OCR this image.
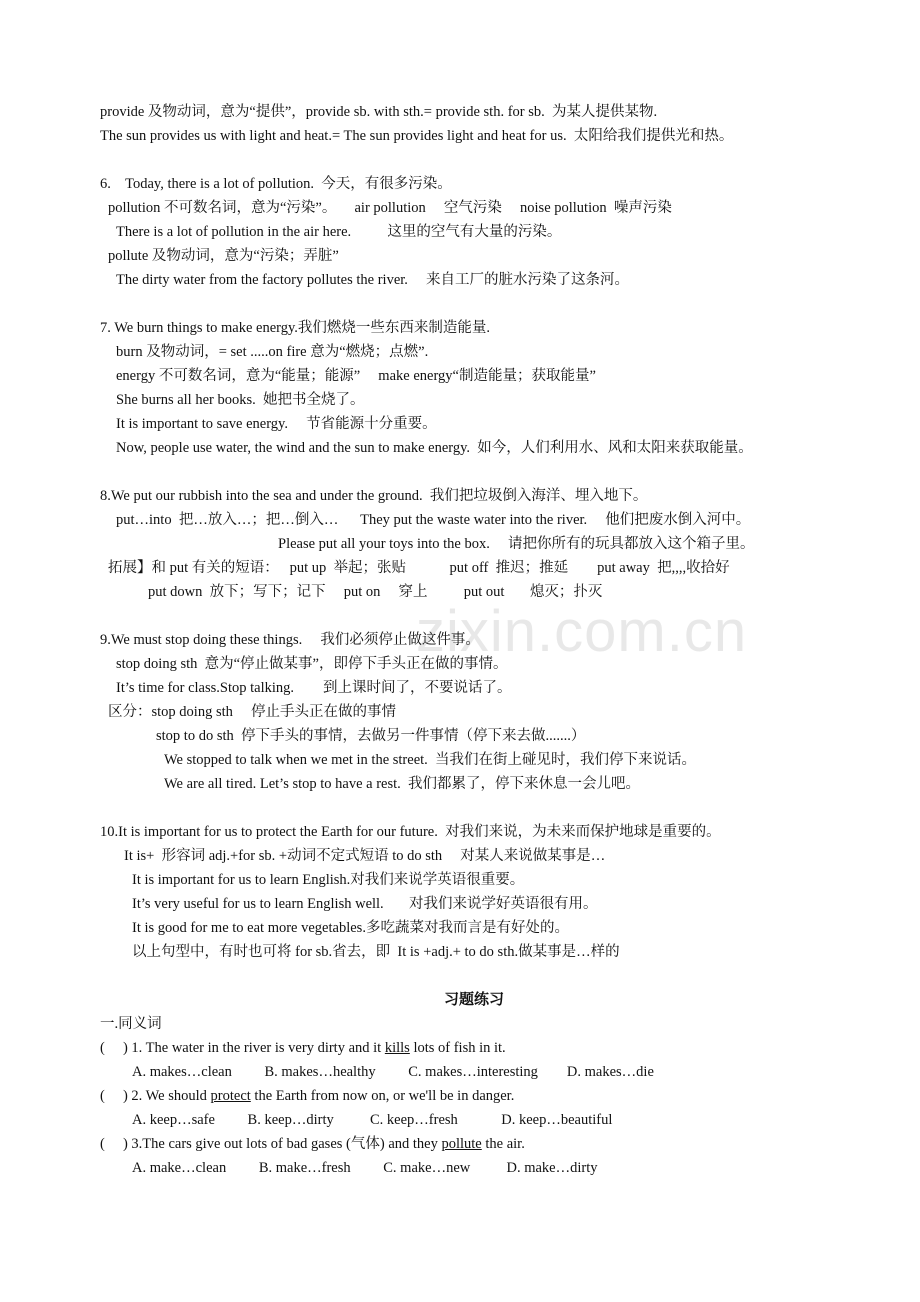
zixin.com.cn
provide 及物动词，意为“提供”，provide sb. with sth.= provide sth. for sb.  为某人提供某物.
The sun provides us with light and heat.= The sun provides light and heat for us.  太阳给我们提供光和热。
6.    Today, there is a lot of pollution.  今天，有很多污染。
pollution 不可数名词，意为“污染”。     air pollution     空气污染     noise pollution  噪声污染
There is a lot of pollution in the air here.          这里的空气有大量的污染。
pollute 及物动词，意为“污染；弄脏”
The dirty water from the factory pollutes the river.     来自工厂的脏水污染了这条河。
7. We burn things to make energy.我们燃烧一些东西来制造能量.
burn 及物动词，= set .....on fire 意为“燃烧；点燃”.
energy 不可数名词，意为“能量；能源”     make energy“制造能量；获取能量”
She burns all her books.  她把书全烧了。
It is important to save energy.     节省能源十分重要。
Now, people use water, the wind and the sun to make energy.  如今，人们利用水、风和太阳来获取能量。
8.We put our rubbish into the sea and under the ground.  我们把垃圾倒入海洋、埋入地下。
put…into  把…放入…；把…倒入…      They put the waste water into the river.     他们把废水倒入河中。
Please put all your toys into the box.     请把你所有的玩具都放入这个箱子里。
拓展】和 put 有关的短语：   put up  举起；张贴            put off  推迟；推延        put away  把,,,,收拾好
put down  放下；写下；记下     put on     穿上          put out       熄灭；扑灭
9.We must stop doing these things.     我们必须停止做这件事。
stop doing sth  意为“停止做某事”，即停下手头正在做的事情。
It’s time for class.Stop talking.        到上课时间了，不要说话了。
区分：stop doing sth     停止手头正在做的事情
stop to do sth  停下手头的事情，去做另一件事情（停下来去做.......）
We stopped to talk when we met in the street.  当我们在街上碰见时，我们停下来说话。
We are all tired. Let’s stop to have a rest.  我们都累了，停下来休息一会儿吧。
10.It is important for us to protect the Earth for our future.  对我们来说，为未来而保护地球是重要的。
It is+  形容词 adj.+for sb. +动词不定式短语 to do sth     对某人来说做某事是…
It is important for us to learn English.对我们来说学英语很重要。
It’s very useful for us to learn English well.       对我们来说学好英语很有用。
It is good for me to eat more vegetables.多吃蔬菜对我而言是有好处的。
以上句型中，有时也可将 for sb.省去，即  It is +adj.+ to do sth.做某事是…样的
习题练习
一.同义词
(     ) 1. The water in the river is very dirty and it kills lots of fish in it.
A. makes…clean         B. makes…healthy         C. makes…interesting        D. makes…die
(     ) 2. We should protect the Earth from now on, or we'll be in danger.
A. keep…safe         B. keep…dirty          C. keep…fresh            D. keep…beautiful
(     ) 3.The cars give out lots of bad gases (气体) and they pollute the air.
A. make…clean         B. make…fresh         C. make…new          D. make…dirty
